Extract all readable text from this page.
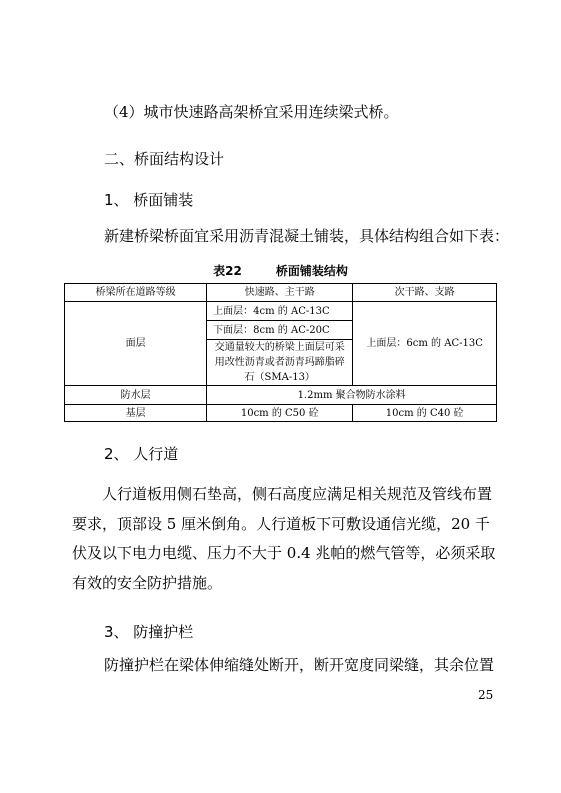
（4）城市快速路高架桥宜采用连续梁式桥。

二、桥面结构设计

1、 桥面铺装

新建桥梁桥面宜采用沥青混凝土铺装，具体结构组合如下表：

表22	桥面铺装结构

桥梁所在道路等级	快速路、主干路	次干路、支路
面层	上面层：4cm 的 AC-13C	上面层：6cm 的 AC-13C
	下面层：8cm 的 AC-20C	
	交通量较大的桥梁上面层可采用改性沥青或者沥青玛蹄脂碎石（SMA-13）	
防水层	1.2mm 聚合物防水涂料	
基层	10cm 的 C50 砼	10cm 的 C40 砼

2、 人行道

人行道板用侧石垫高，侧石高度应满足相关规范及管线布置要求，顶部设 5 厘米倒角。人行道板下可敷设通信光缆，20 千伏及以下电力电缆、压力不大于 0.4 兆帕的燃气管等，必须采取有效的安全防护措施。

3、 防撞护栏

防撞护栏在梁体伸缩缝处断开，断开宽度同梁缝，其余位置

25
